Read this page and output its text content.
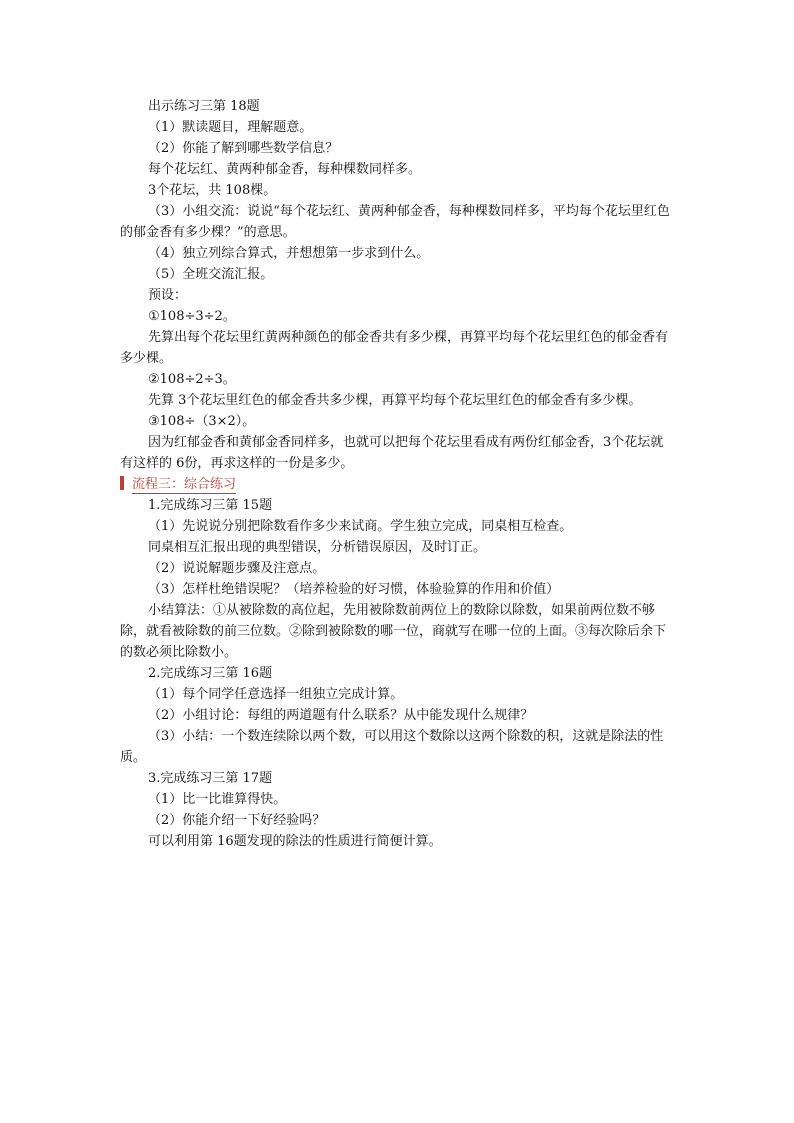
出示练习三第 18题

（1）默读题目，理解题意。

（2）你能了解到哪些数学信息？

每个花坛红、黄两种郁金香，每种棵数同样多。

3个花坛，共 108棵。

（3）小组交流：说说“每个花坛红、黄两种郁金香，每种棵数同样多，平均每个花坛里红色的郁金香有多少棵？”的意思。

（4）独立列综合算式，并想想第一步求到什么。

（5）全班交流汇报。

预设：

①108÷3÷2。

先算出每个花坛里红黄两种颜色的郁金香共有多少棵，再算平均每个花坛里红色的郁金香有多少棵。

②108÷2÷3。

先算 3个花坛里红色的郁金香共多少棵，再算平均每个花坛里红色的郁金香有多少棵。

③108÷（3×2）。

因为红郁金香和黄郁金香同样多，也就可以把每个花坛里看成有两份红郁金香，3个花坛就有这样的 6份，再求这样的一份是多少。

流程三：综合练习

1.完成练习三第 15题

（1）先说说分别把除数看作多少来试商。学生独立完成，同桌相互检查。

同桌相互汇报出现的典型错误，分析错误原因，及时订正。

（2）说说解题步骤及注意点。

（3）怎样杜绝错误呢？（培养检验的好习惯，体验验算的作用和价值）

小结算法：①从被除数的高位起，先用被除数前两位上的数除以除数，如果前两位数不够除，就看被除数的前三位数。②除到被除数的哪一位，商就写在哪一位的上面。③每次除后余下的数必须比除数小。

2.完成练习三第 16题

（1）每个同学任意选择一组独立完成计算。

（2）小组讨论：每组的两道题有什么联系？从中能发现什么规律？

（3）小结：一个数连续除以两个数，可以用这个数除以这两个除数的积，这就是除法的性质。

3.完成练习三第 17题

（1）比一比谁算得快。

（2）你能介绍一下好经验吗？

可以利用第 16题发现的除法的性质进行简便计算。
